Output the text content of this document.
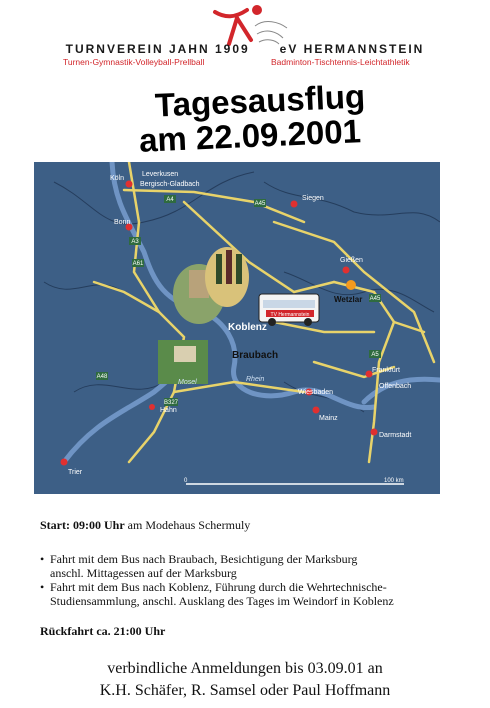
TURNVEREIN JAHN 1909	eV HERMANNSTEIN
Turnen-Gymnastik-Volleyball-Prellball	Badminton-Tischtennis-Leichtathletik
Tagesausflug
am 22.09.2001
A4
A45
A61
A3
A48
A45
A5
B327
TV Hermannstein
Leverkusen
Bergisch-Gladbach
Köln
Bonn
Siegen
Gießen
Wiesbaden
Frankfurt
Offenbach
Mainz
Darmstadt
Hahn
Trier
Mosel	Rhein
Koblenz
Braubach
Wetzlar
0	100 km
Start: 09:00 Uhr am Modehaus Schermuly
• Fahrt mit dem Bus nach Braubach, Besichtigung der Marksburg
anschl. Mittagessen auf der Marksburg
• Fahrt mit dem Bus nach Koblenz, Führung durch die Wehrtechnische-
Studiensammlung, anschl. Ausklang des Tages im Weindorf in Koblenz
Rückfahrt ca. 21:00 Uhr
verbindliche Anmeldungen bis 03.09.01 an
K.H. Schäfer, R. Samsel oder Paul Hoffmann
